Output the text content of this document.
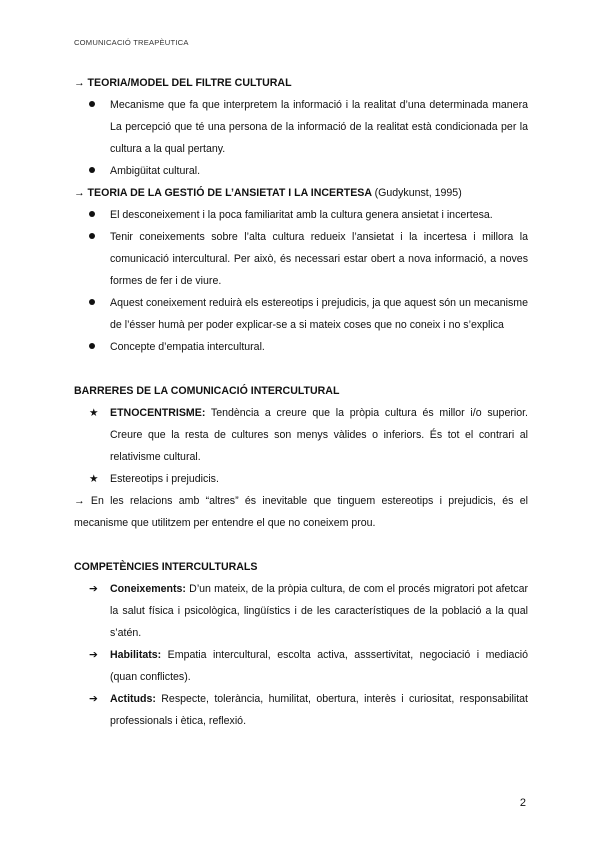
COMUNICACIÓ TREAPÈUTICA
→ TEORIA/MODEL DEL FILTRE CULTURAL
Mecanisme que fa que interpretem la informació i la realitat d’una determinada manera La percepció que té una persona de la informació de la realitat està condicionada per la cultura a la qual pertany.
Ambigüitat cultural.
→ TEORIA DE LA GESTIÓ DE L’ANSIETAT I LA INCERTESA (Gudykunst, 1995)
El desconeixement i la poca familiaritat amb la cultura genera ansietat i incertesa.
Tenir coneixements sobre l’alta cultura redueix l’ansietat i la incertesa i millora la comunicació intercultural. Per això, és necessari estar obert a nova informació, a noves formes de fer i de viure.
Aquest coneixement reduirà els estereotips i prejudicis, ja que aquest són un mecanisme de l’ésser humà per poder explicar-se a si mateix coses que no coneix i no s’explica
Concepte d’empatia intercultural.
BARRERES DE LA COMUNICACIÓ INTERCULTURAL
★	ETNOCENTRISME: Tendència a creure que la pròpia cultura és millor i/o superior. Creure que la resta de cultures son menys vàlides o inferiors. És tot el contrari al relativisme cultural.
★	Estereotips i prejudicis.
→ En les relacions amb “altres” és inevitable que tinguem estereotips i prejudicis, és el mecanisme que utilitzem per entendre el que no coneixem prou.
COMPETÈNCIES INTERCULTURALS
➔	Coneixements: D’un mateix, de la pròpia cultura, de com el procés migratori pot afetcar la salut física i psicològica, lingüístics i de les característiques de la població a la qual s’atén.
➔	Habilitats: Empatia intercultural, escolta activa, asssertivitat, negociació i mediació (quan conflictes).
➔	Actituds: Respecte, tolerància, humilitat, obertura, interès i curiositat, responsabilitat professionals i ètica, reflexió.
2
